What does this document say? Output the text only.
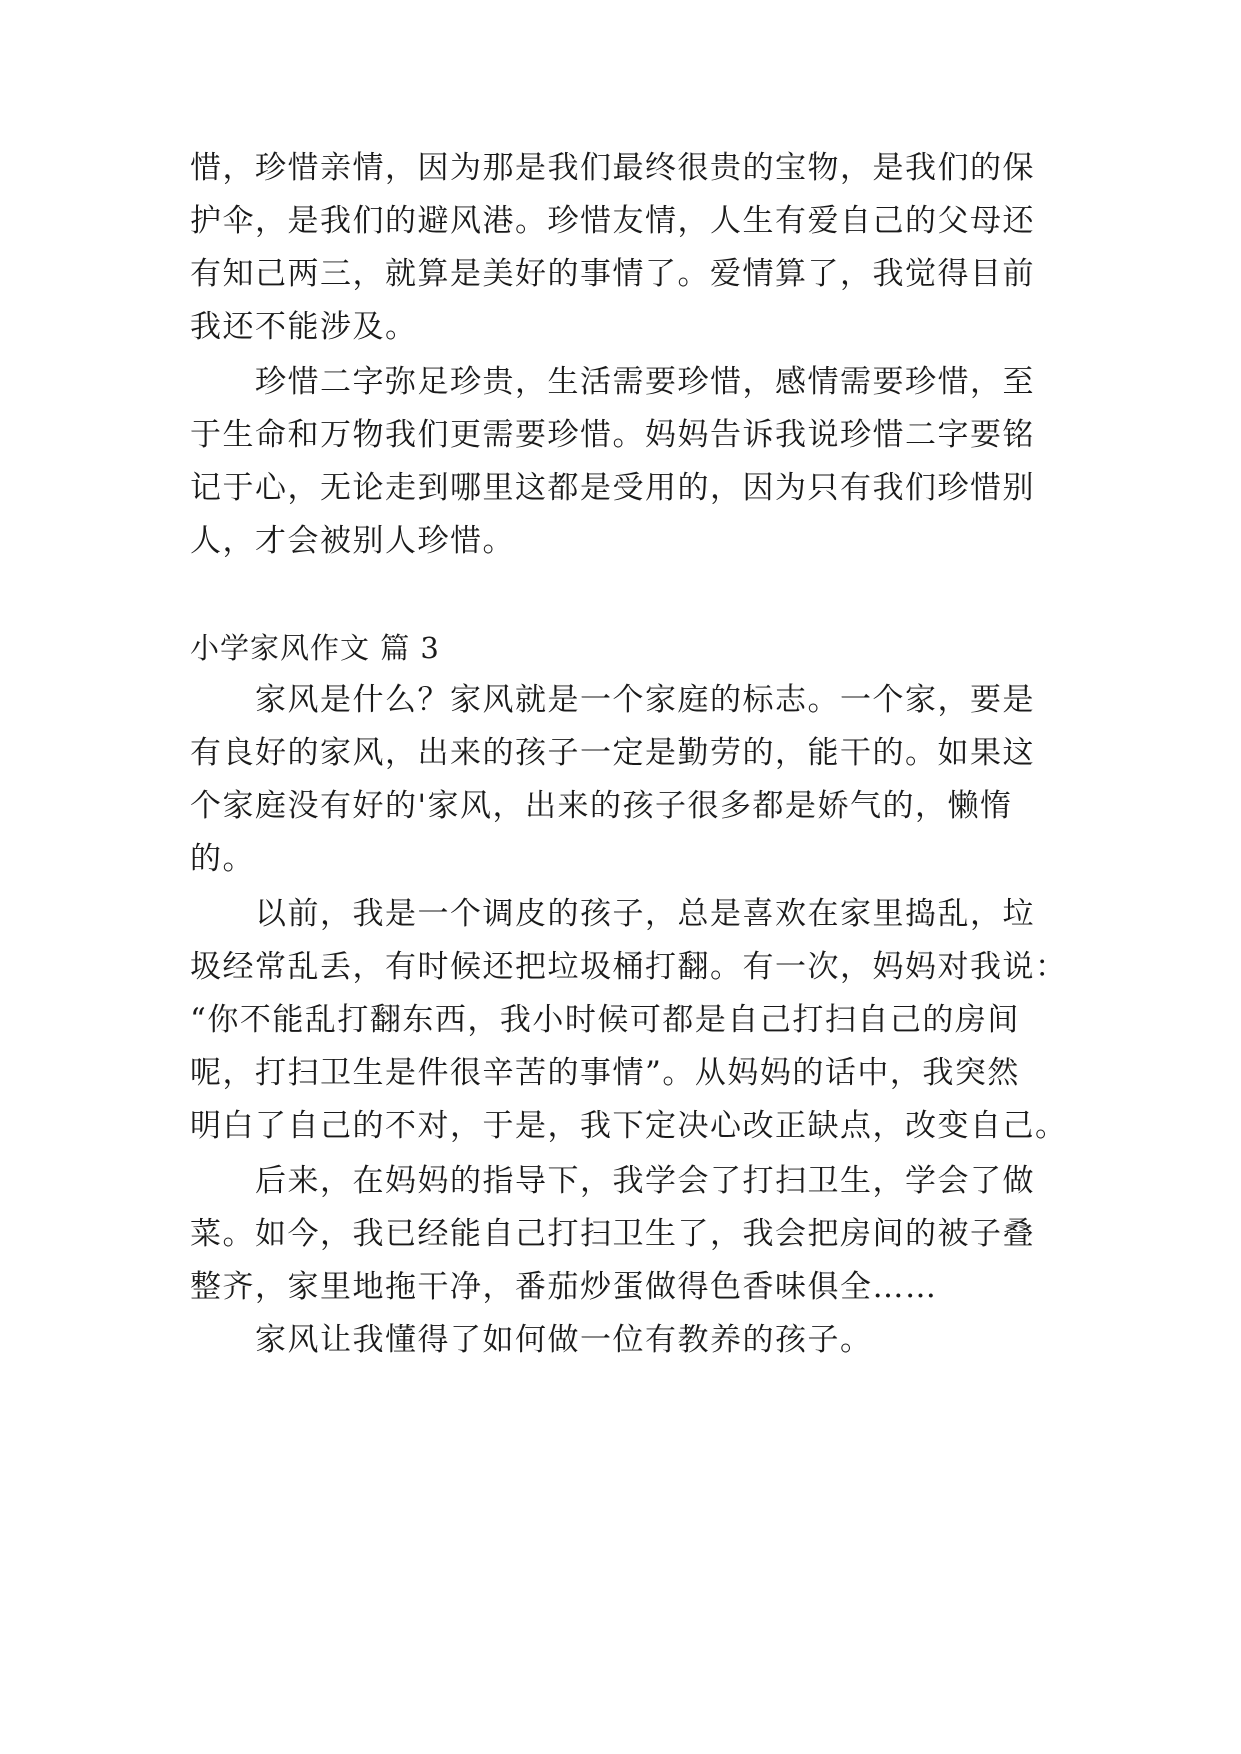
惜，珍惜亲情，因为那是我们最终很贵的宝物，是我们的保
护伞，是我们的避风港。珍惜友情，人生有爱自己的父母还
有知己两三，就算是美好的事情了。爱情算了，我觉得目前
我还不能涉及。
珍惜二字弥足珍贵，生活需要珍惜，感情需要珍惜，至
于生命和万物我们更需要珍惜。妈妈告诉我说珍惜二字要铭
记于心，无论走到哪里这都是受用的，因为只有我们珍惜别
人，才会被别人珍惜。
小学家风作文 篇 3
家风是什么？家风就是一个家庭的标志。一个家，要是
有良好的家风，出来的孩子一定是勤劳的，能干的。如果这
个家庭没有好的'家风，出来的孩子很多都是娇气的，懒惰
的。
以前，我是一个调皮的孩子，总是喜欢在家里捣乱，垃
圾经常乱丢，有时候还把垃圾桶打翻。有一次，妈妈对我说：
“你不能乱打翻东西，我小时候可都是自己打扫自己的房间
呢，打扫卫生是件很辛苦的事情”。从妈妈的话中，我突然
明白了自己的不对，于是，我下定决心改正缺点，改变自己。
后来，在妈妈的指导下，我学会了打扫卫生，学会了做
菜。如今，我已经能自己打扫卫生了，我会把房间的被子叠
整齐，家里地拖干净，番茄炒蛋做得色香味俱全……
家风让我懂得了如何做一位有教养的孩子。
